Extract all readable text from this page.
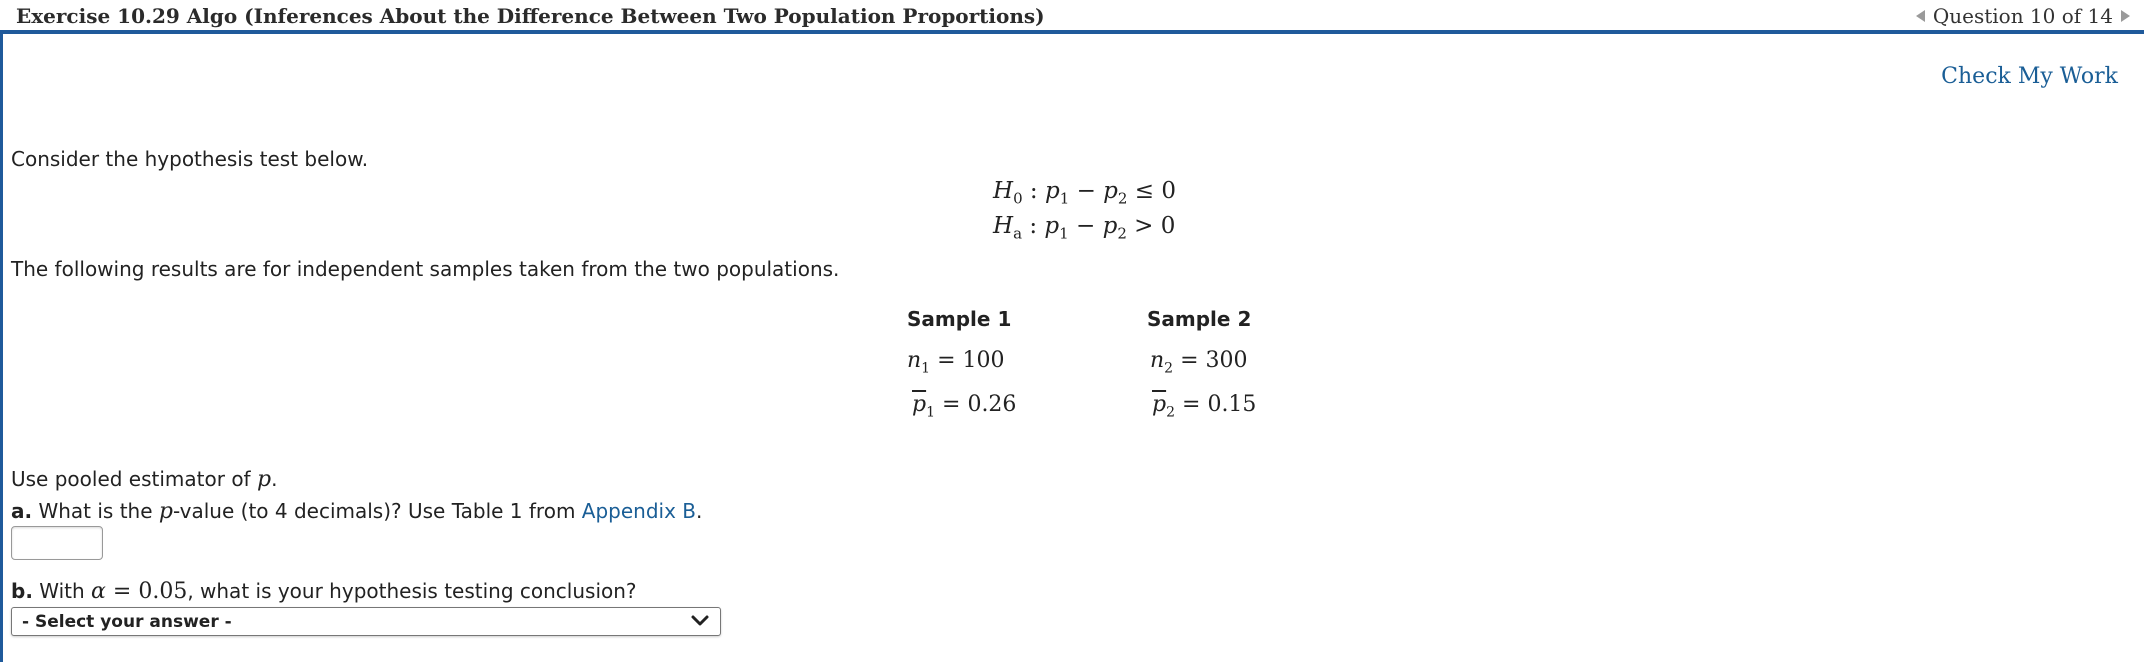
Exercise 10.29 Algo (Inferences About the Difference Between Two Population Proportions)	Question 10 of 14
Check My Work
Consider the hypothesis test below.
$H_0$ : $p_1 - p_2 \le 0$
$H_a$ : $p_1 - p_2 > 0$
The following results are for independent samples taken from the two populations.
Sample 1	Sample 2
$n_1 = 100$	$n_2 = 300$
$\overline{p}_1 = 0.26$	$\overline{p}_2 = 0.15$
Use pooled estimator of p.
a. What is the p-value (to 4 decimals)? Use Table 1 from Appendix B.
b. With α = 0.05, what is your hypothesis testing conclusion?
- Select your answer -
